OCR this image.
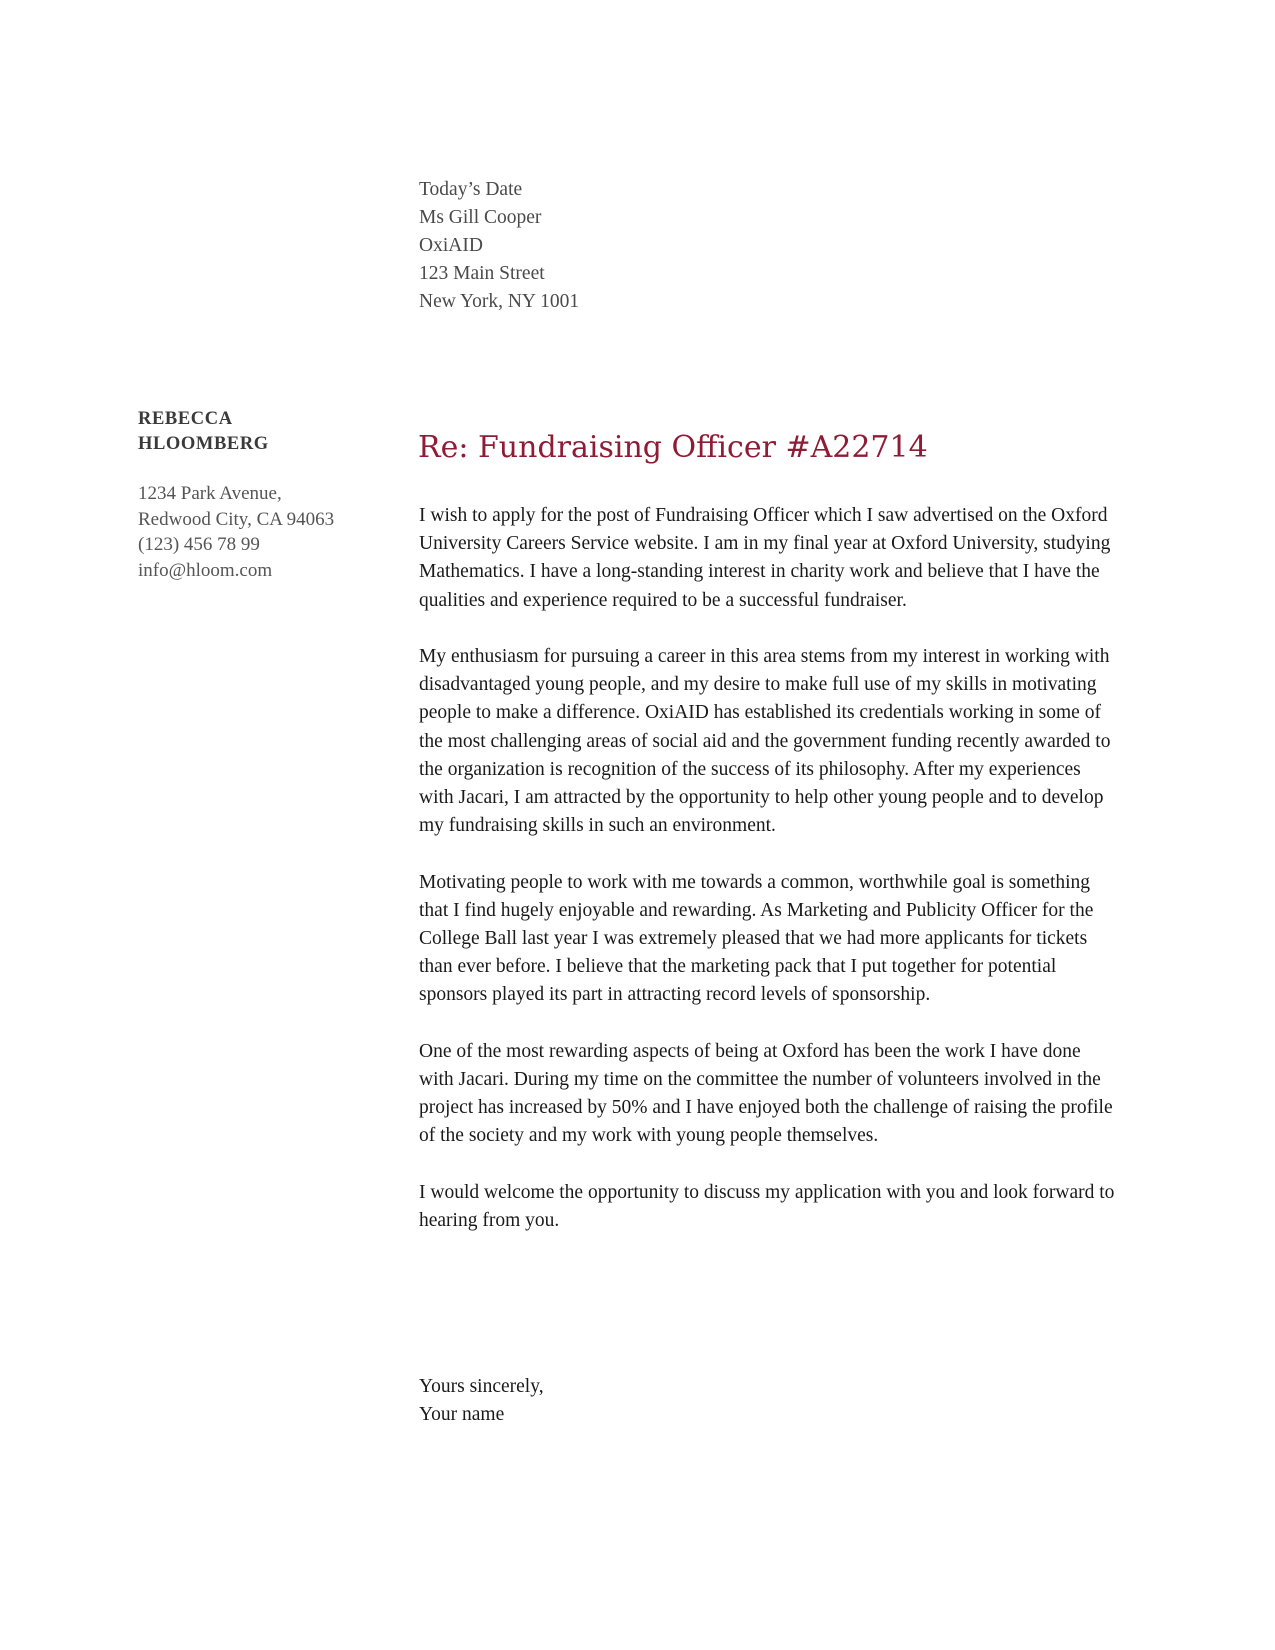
Today’s Date
Ms Gill Cooper
OxiAID
123 Main Street
New York, NY 1001
REBECCA
HLOOMBERG
1234 Park Avenue,
Redwood City, CA 94063
(123) 456 78 99
info@hloom.com
Re: Fundraising Officer #A22714

I wish to apply for the post of Fundraising Officer which I saw advertised on the Oxford University Careers Service website. I am in my final year at Oxford University, studying Mathematics. I have a long-standing interest in charity work and believe that I have the qualities and experience required to be a successful fundraiser.

My enthusiasm for pursuing a career in this area stems from my interest in working with disadvantaged young people, and my desire to make full use of my skills in motivating people to make a difference. OxiAID has established its credentials working in some of the most challenging areas of social aid and the government funding recently awarded to the organization is recognition of the success of its philosophy. After my experiences with Jacari, I am attracted by the opportunity to help other young people and to develop my fundraising skills in such an environment.

Motivating people to work with me towards a common, worthwhile goal is something that I find hugely enjoyable and rewarding. As Marketing and Publicity Officer for the College Ball last year I was extremely pleased that we had more applicants for tickets than ever before. I believe that the marketing pack that I put together for potential sponsors played its part in attracting record levels of sponsorship.

One of the most rewarding aspects of being at Oxford has been the work I have done with Jacari. During my time on the committee the number of volunteers involved in the project has increased by 50% and I have enjoyed both the challenge of raising the profile of the society and my work with young people themselves.

I would welcome the opportunity to discuss my application with you and look forward to hearing from you.

Yours sincerely,
Your name
